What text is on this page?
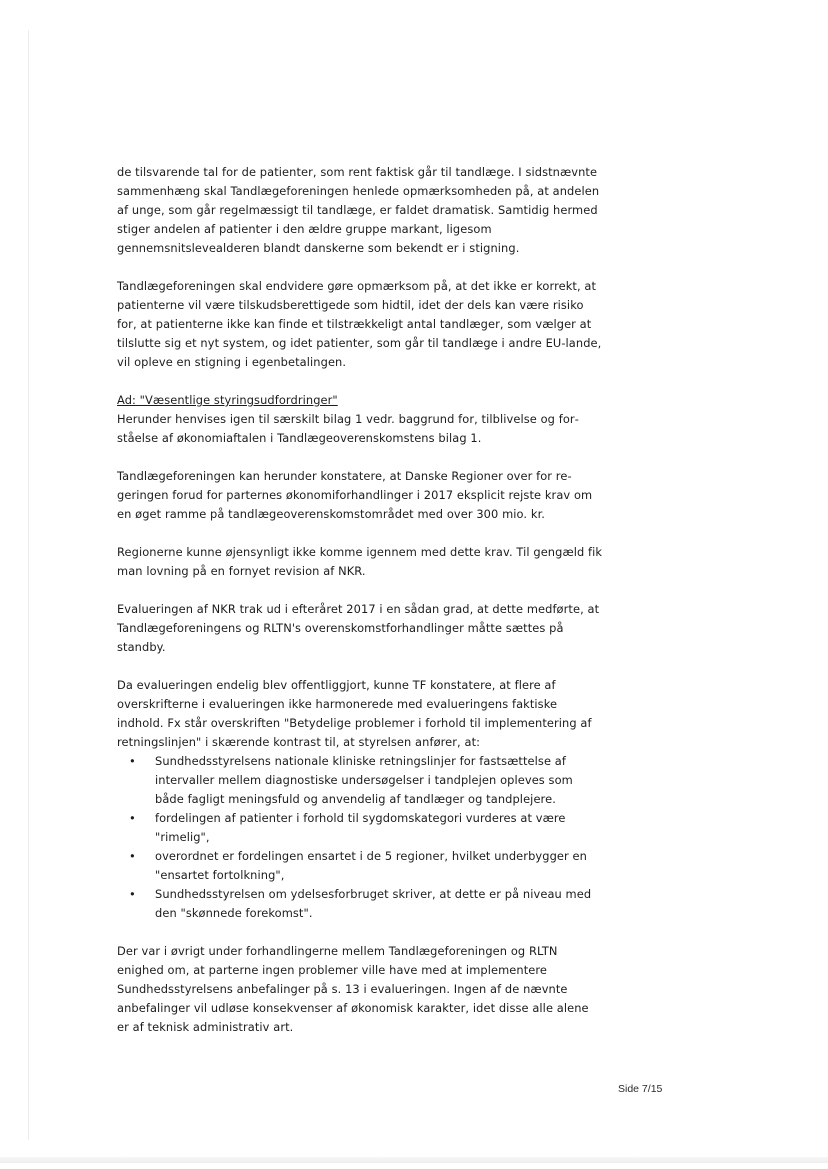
de tilsvarende tal for de patienter, som rent faktisk går til tandlæge. I sidstnævnte sammenhæng skal Tandlægeforeningen henlede opmærksomheden på, at andelen af unge, som går regelmæssigt til tandlæge, er faldet dramatisk. Samtidig hermed stiger andelen af patienter i den ældre gruppe markant, ligesom gennemsnitslevealderen blandt danskerne som bekendt er i stigning.

Tandlægeforeningen skal endvidere gøre opmærksom på, at det ikke er korrekt, at patienterne vil være tilskudsberettigede som hidtil, idet der dels kan være risiko for, at patienterne ikke kan finde et tilstrækkeligt antal tandlæger, som vælger at tilslutte sig et nyt system, og idet patienter, som går til tandlæge i andre EU-lande, vil opleve en stigning i egenbetalingen.

Ad: "Væsentlige styringsudfordringer"

Herunder henvises igen til særskilt bilag 1 vedr. baggrund for, tilblivelse og forståelse af økonomiaftalen i Tandlægeoverenskomstens bilag 1.

Tandlægeforeningen kan herunder konstatere, at Danske Regioner over for regeringen forud for parternes økonomiforhandlinger i 2017 eksplicit rejste krav om en øget ramme på tandlægeoverenskomstområdet med over 300 mio. kr.

Regionerne kunne øjensynligt ikke komme igennem med dette krav. Til gengæld fik man lovning på en fornyet revision af NKR.

Evalueringen af NKR trak ud i efteråret 2017 i en sådan grad, at dette medførte, at Tandlægeforeningens og RLTN's overenskomstforhandlinger måtte sættes på standby.

Da evalueringen endelig blev offentliggjort, kunne TF konstatere, at flere af overskrifterne i evalueringen ikke harmonerede med evalueringens faktiske indhold. Fx står overskriften "Betydelige problemer i forhold til implementering af retningslinjen" i skærende kontrast til, at styrelsen anfører, at:

• Sundhedsstyrelsens nationale kliniske retningslinjer for fastsættelse af intervaller mellem diagnostiske undersøgelser i tandplejen opleves som både fagligt meningsfuld og anvendelig af tandlæger og tandplejere.
• fordelingen af patienter i forhold til sygdomskategori vurderes at være "rimelig",
• overordnet er fordelingen ensartet i de 5 regioner, hvilket underbygger en "ensartet fortolkning",
• Sundhedsstyrelsen om ydelsesforbruget skriver, at dette er på niveau med den "skønnede forekomst".

Der var i øvrigt under forhandlingerne mellem Tandlægeforeningen og RLTN enighed om, at parterne ingen problemer ville have med at implementere Sundhedsstyrelsens anbefalinger på s. 13 i evalueringen. Ingen af de nævnte anbefalinger vil udløse konsekvenser af økonomisk karakter, idet disse alle alene er af teknisk administrativ art.

Side 7/15
